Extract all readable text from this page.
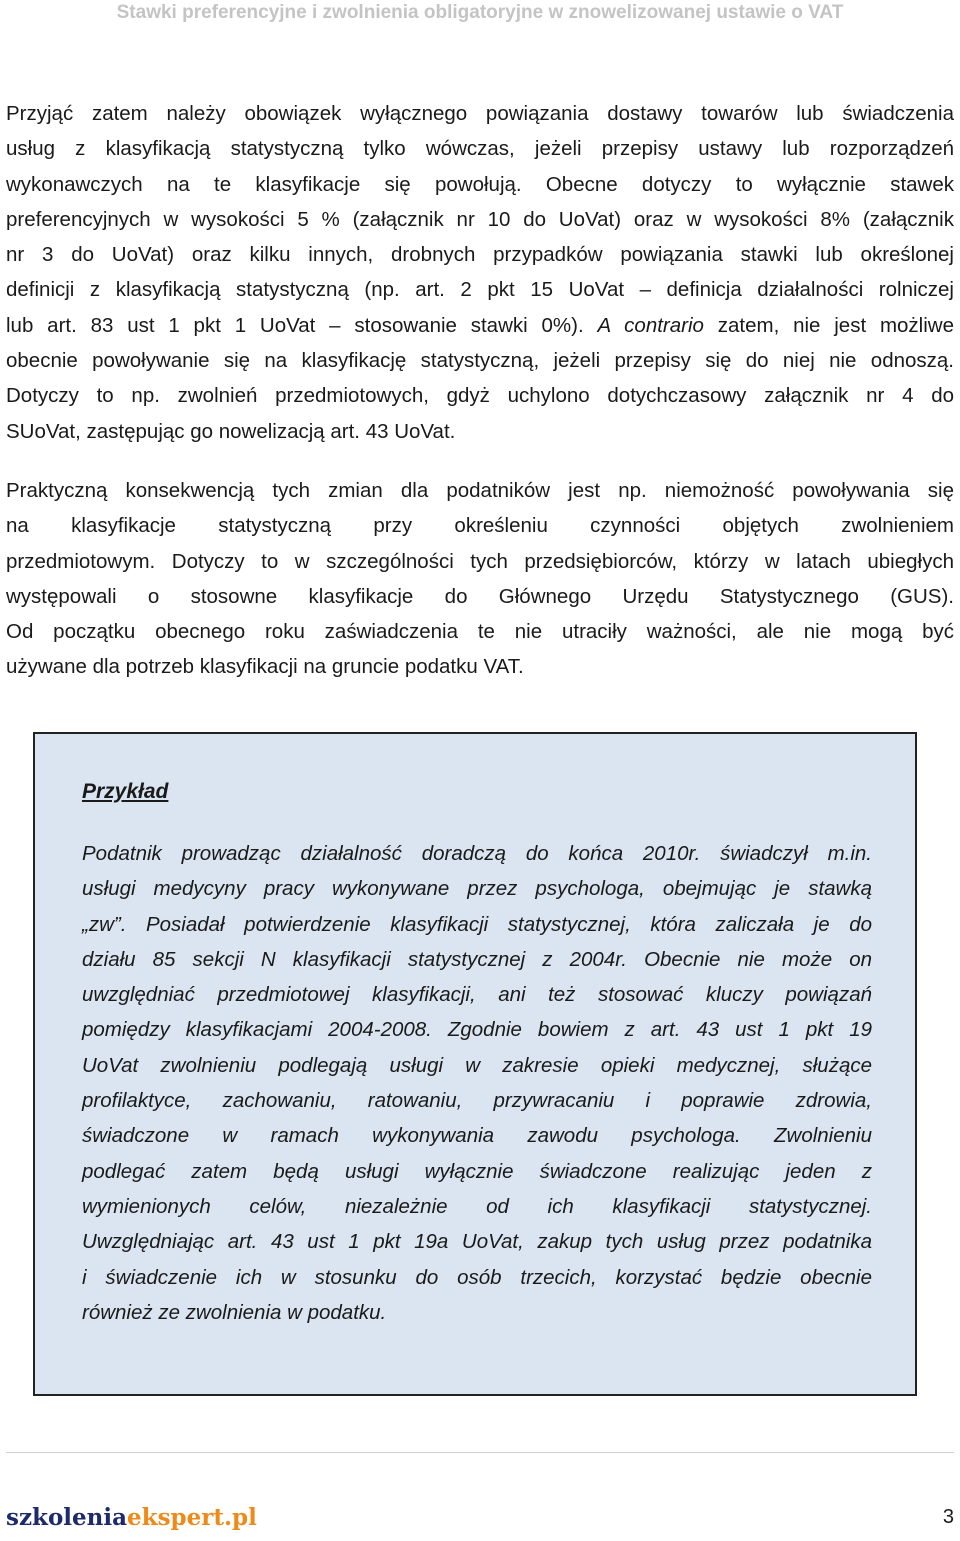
Stawki preferencyjne i zwolnienia obligatoryjne w znowelizowanej ustawie o VAT
Przyjąć zatem należy obowiązek wyłącznego powiązania dostawy towarów lub świadczenia
usług z klasyfikacją statystyczną tylko wówczas, jeżeli przepisy ustawy lub rozporządzeń
wykonawczych na te klasyfikacje się powołują. Obecne dotyczy to wyłącznie stawek
preferencyjnych w wysokości 5 % (załącznik nr 10 do UoVat) oraz w wysokości 8% (załącznik
nr 3 do UoVat) oraz kilku innych, drobnych przypadków powiązania stawki lub określonej
definicji z klasyfikacją statystyczną (np. art. 2 pkt 15 UoVat – definicja działalności rolniczej
lub art. 83 ust 1 pkt 1 UoVat – stosowanie stawki 0%). A contrario zatem, nie jest możliwe
obecnie powoływanie się na klasyfikację statystyczną, jeżeli przepisy się do niej nie odnoszą.
Dotyczy to np. zwolnień przedmiotowych, gdyż uchylono dotychczasowy załącznik nr 4 do
SUoVat, zastępując go nowelizacją art. 43 UoVat.
Praktyczną konsekwencją tych zmian dla podatników jest np. niemożność powoływania się
na klasyfikacje statystyczną przy określeniu czynności objętych zwolnieniem
przedmiotowym. Dotyczy to w szczególności tych przedsiębiorców, którzy w latach ubiegłych
występowali o stosowne klasyfikacje do Głównego Urzędu Statystycznego (GUS).
Od początku obecnego roku zaświadczenia te nie utraciły ważności, ale nie mogą być
używane dla potrzeb klasyfikacji na gruncie podatku VAT.

Przykład

Podatnik prowadząc działalność doradczą do końca 2010r. świadczył m.in.
usługi medycyny pracy wykonywane przez psychologa, obejmując je stawką
„zw”. Posiadał potwierdzenie klasyfikacji statystycznej, która zaliczała je do
działu 85 sekcji N klasyfikacji statystycznej z 2004r. Obecnie nie może on
uwzględniać przedmiotowej klasyfikacji, ani też stosować kluczy powiązań
pomiędzy klasyfikacjami 2004-2008. Zgodnie bowiem z art. 43 ust 1 pkt 19
UoVat zwolnieniu podlegają usługi w zakresie opieki medycznej, służące
profilaktyce, zachowaniu, ratowaniu, przywracaniu i poprawie zdrowia,
świadczone w ramach wykonywania zawodu psychologa. Zwolnieniu
podlegać zatem będą usługi wyłącznie świadczone realizując jeden z
wymienionych celów, niezależnie od ich klasyfikacji statystycznej.
Uwzględniając art. 43 ust 1 pkt 19a UoVat, zakup tych usług przez podatnika
i świadczenie ich w stosunku do osób trzecich, korzystać będzie obecnie
również ze zwolnienia w podatku.
szkoleniaekspert.pl	3
